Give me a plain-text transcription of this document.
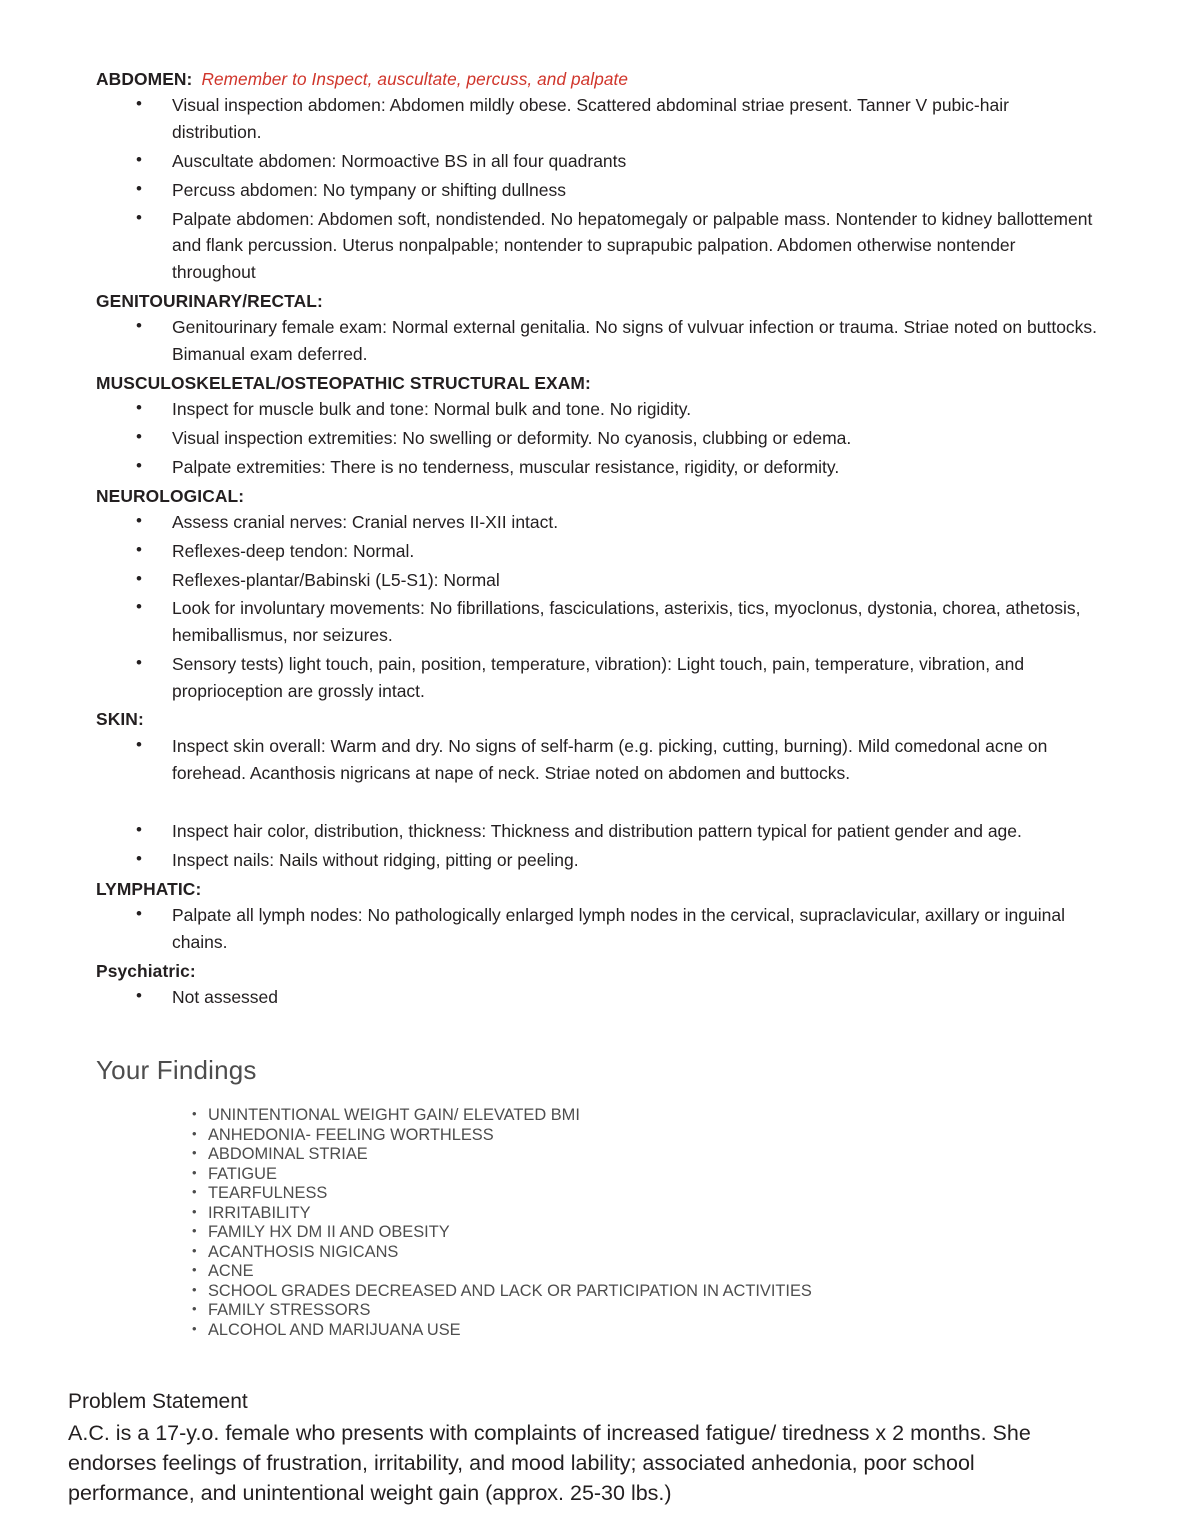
ABDOMEN: Remember to Inspect, auscultate, percuss, and palpate
• Visual inspection abdomen: Abdomen mildly obese. Scattered abdominal striae present. Tanner V pubic-hair distribution.
• Auscultate abdomen: Normoactive BS in all four quadrants
• Percuss abdomen: No tympany or shifting dullness
• Palpate abdomen: Abdomen soft, nondistended. No hepatomegaly or palpable mass. Nontender to kidney ballottement and flank percussion. Uterus nonpalpable; nontender to suprapubic palpation. Abdomen otherwise nontender throughout
GENITOURINARY/RECTAL:
• Genitourinary female exam: Normal external genitalia. No signs of vulvuar infection or trauma. Striae noted on buttocks. Bimanual exam deferred.
MUSCULOSKELETAL/OSTEOPATHIC STRUCTURAL EXAM:
• Inspect for muscle bulk and tone: Normal bulk and tone. No rigidity.
• Visual inspection extremities: No swelling or deformity. No cyanosis, clubbing or edema.
• Palpate extremities: There is no tenderness, muscular resistance, rigidity, or deformity.
NEUROLOGICAL:
• Assess cranial nerves: Cranial nerves II-XII intact.
• Reflexes-deep tendon: Normal.
• Reflexes-plantar/Babinski (L5-S1): Normal
• Look for involuntary movements: No fibrillations, fasciculations, asterixis, tics, myoclonus, dystonia, chorea, athetosis, hemiballismus, nor seizures.
• Sensory tests) light touch, pain, position, temperature, vibration): Light touch, pain, temperature, vibration, and proprioception are grossly intact.
SKIN:
• Inspect skin overall: Warm and dry. No signs of self-harm (e.g. picking, cutting, burning). Mild comedonal acne on forehead. Acanthosis nigricans at nape of neck. Striae noted on abdomen and buttocks.
• Inspect hair color, distribution, thickness: Thickness and distribution pattern typical for patient gender and age.
• Inspect nails: Nails without ridging, pitting or peeling.
LYMPHATIC:
• Palpate all lymph nodes: No pathologically enlarged lymph nodes in the cervical, supraclavicular, axillary or inguinal chains.
Psychiatric:
• Not assessed
Your Findings
• UNINTENTIONAL WEIGHT GAIN/ ELEVATED BMI
• ANHEDONIA- FEELING WORTHLESS
• ABDOMINAL STRIAE
• FATIGUE
• TEARFULNESS
• IRRITABILITY
• FAMILY HX DM II AND OBESITY
• ACANTHOSIS NIGICANS
• ACNE
• SCHOOL GRADES DECREASED AND LACK OR PARTICIPATION IN ACTIVITIES
• FAMILY STRESSORS
• ALCOHOL AND MARIJUANA USE
Problem Statement

A.C. is a 17-y.o. female who presents with complaints of increased fatigue/ tiredness x 2 months. She endorses feelings of frustration, irritability, and mood lability; associated anhedonia, poor school performance, and unintentional weight gain (approx. 25-30 lbs.)
